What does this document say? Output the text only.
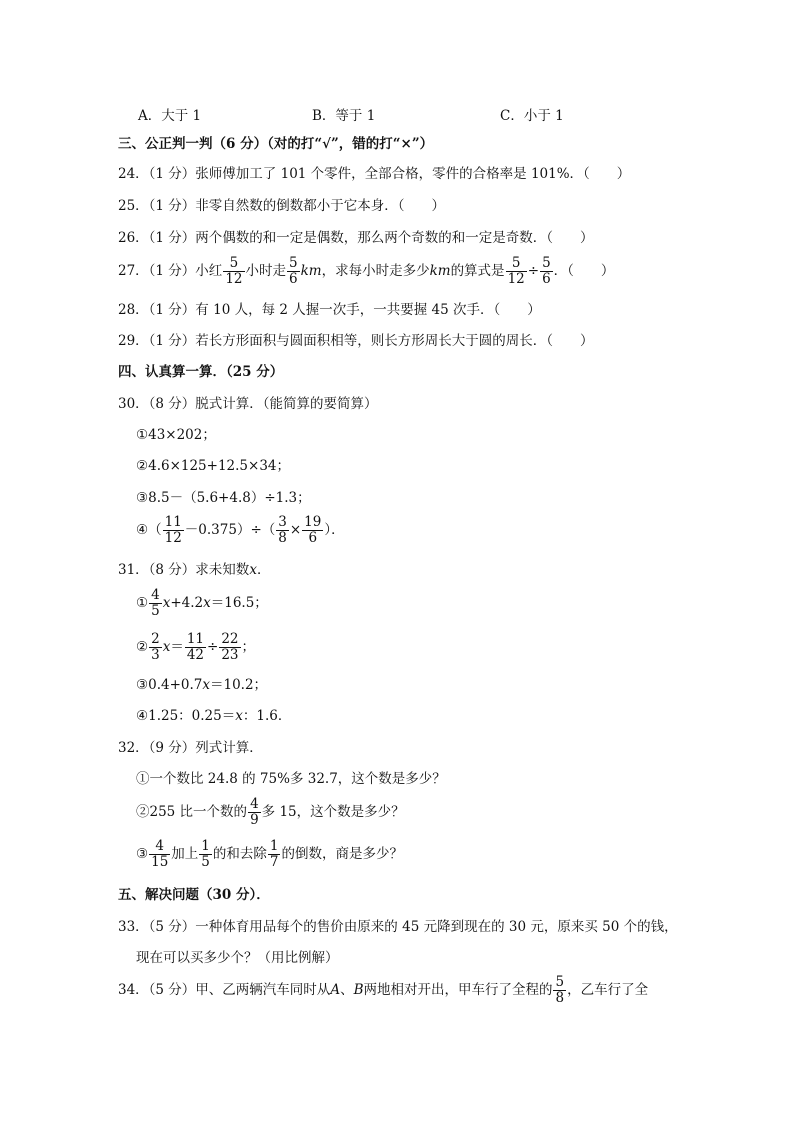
A．大于 1	B．等于 1	C．小于 1
三、公正判一判（6 分）（对的打“√”，错的打“×”）
24．（1 分）张师傅加工了 101 个零件，全部合格，零件的合格率是 101%．（　　）
25．（1 分）非零自然数的倒数都小于它本身．（　　）
26．（1 分）两个偶数的和一定是偶数，那么两个奇数的和一定是奇数．（　　）
27．（1 分）小红 $\frac{5}{12}$ 小时走 $\frac{5}{6}$ km，求每小时走多少km的算式是 $\frac{5}{12} \div \frac{5}{6}$ ．（　　）
28．（1 分）有 10 人，每 2 人握一次手，一共要握 45 次手．（　　）
29．（1 分）若长方形面积与圆面积相等，则长方形周长大于圆的周长．（　　）
四、认真算一算．（25 分）
30．（8 分）脱式计算．（能简算的要简算）
①43×202；
②4.6×125+12.5×34；
③8.5－（5.6+4.8）÷1.3；
④（ $\frac{11}{12} -0.375)\div( \frac{3}{8} \times \frac{19}{6}$ ）．
31．（8 分）求未知数x．
① $\frac{4}{5} x+4.2x=16.5$；
② $\frac{2}{3} x= \frac{11}{42} \div \frac{22}{23}$ ；
③0.4+0.7x＝10.2；
④1.25：0.25＝x：1.6．
32．（9 分）列式计算．
①一个数比 24.8 的 75%多 32.7，这个数是多少？
②255 比一个数的 $\frac{4}{9}$ 多 15，这个数是多少？
③ $\frac{4}{15}$ 加上 $\frac{1}{5}$ 的和去除 $\frac{1}{7}$ 的倒数，商是多少？
五、解决问题（30 分）．
33．（5 分）一种体育用品每个的售价由原来的 45 元降到现在的 30 元，原来买 50 个的钱，
现在可以买多少个？（用比例解）
34．（5 分）甲、乙两辆汽车同时从A、B两地相对开出，甲车行了全程的 $\frac{5}{8}$ ，乙车行了全
